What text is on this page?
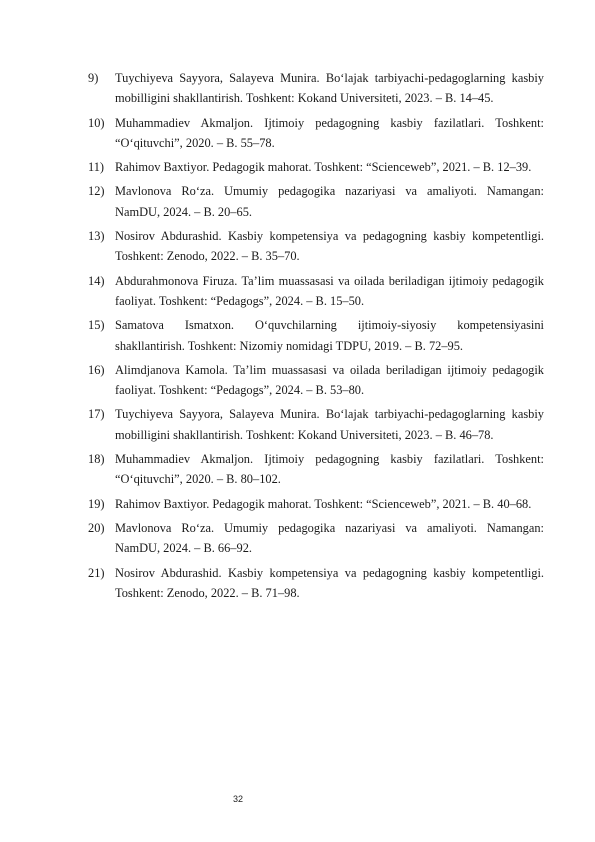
9)	Tuychiyeva Sayyora, Salayeva Munira. Bo‘lajak tarbiyachi-pedagoglarning kasbiy mobilligini shakllantirish. Toshkent: Kokand Universiteti, 2023. – B. 14–45.
10) Muhammadiev Akmaljon. Ijtimoiy pedagogning kasbiy fazilatlari. Toshkent: “O‘qituvchi”, 2020. – B. 55–78.
11) Rahimov Baxtiyor. Pedagogik mahorat. Toshkent: “Scienceweb”, 2021. – B. 12–39.
12) Mavlonova Ro‘za. Umumiy pedagogika nazariyasi va amaliyoti. Namangan: NamDU, 2024. – B. 20–65.
13) Nosirov Abdurashid. Kasbiy kompetensiya va pedagogning kasbiy kompetentligi. Toshkent: Zenodo, 2022. – B. 35–70.
14) Abdurahmonova Firuza. Ta’lim muassasasi va oilada beriladigan ijtimoiy pedagogik faoliyat. Toshkent: “Pedagogs”, 2024. – B. 15–50.
15) Samatova Ismatxon. O‘quvchilarning ijtimoiy-siyosiy kompetensiyasini shakllantirish. Toshkent: Nizomiy nomidagi TDPU, 2019. – B. 72–95.
16) Alimdjanova Kamola. Ta’lim muassasasi va oilada beriladigan ijtimoiy pedagogik faoliyat. Toshkent: “Pedagogs”, 2024. – B. 53–80.
17) Tuychiyeva Sayyora, Salayeva Munira. Bo‘lajak tarbiyachi-pedagoglarning kasbiy mobilligini shakllantirish. Toshkent: Kokand Universiteti, 2023. – B. 46–78.
18) Muhammadiev Akmaljon. Ijtimoiy pedagogning kasbiy fazilatlari. Toshkent: “O‘qituvchi”, 2020. – B. 80–102.
19) Rahimov Baxtiyor. Pedagogik mahorat. Toshkent: “Scienceweb”, 2021. – B. 40–68.
20) Mavlonova Ro‘za. Umumiy pedagogika nazariyasi va amaliyoti. Namangan: NamDU, 2024. – B. 66–92.
21) Nosirov Abdurashid. Kasbiy kompetensiya va pedagogning kasbiy kompetentligi. Toshkent: Zenodo, 2022. – B. 71–98.
32
